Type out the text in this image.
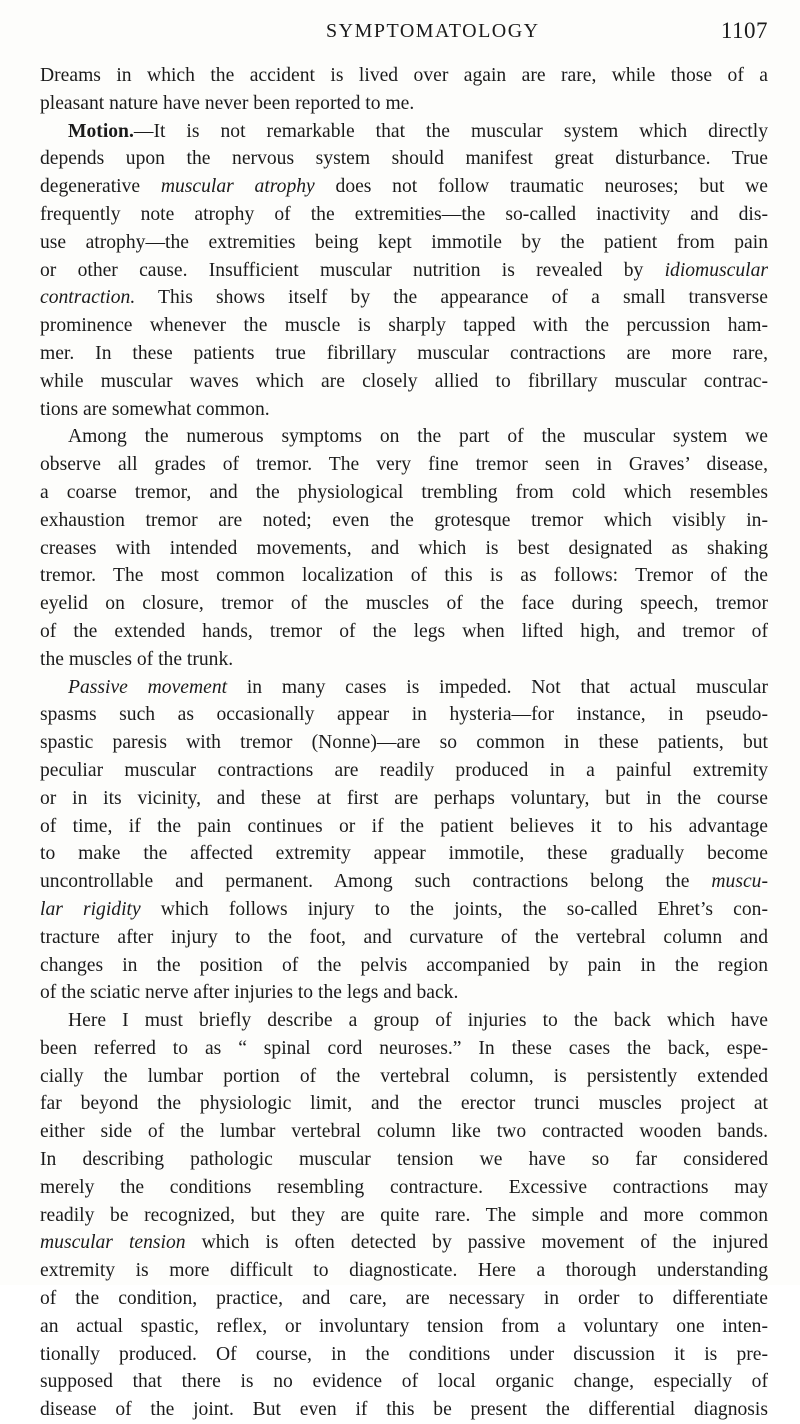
SYMPTOMATOLOGY	1107
Dreams in which the accident is lived over again are rare, while those of a
pleasant nature have never been reported to me.
Motion.—It is not remarkable that the muscular system which directly
depends upon the nervous system should manifest great disturbance. True
degenerative muscular atrophy does not follow traumatic neuroses; but we
frequently note atrophy of the extremities—the so-called inactivity and dis-
use atrophy—the extremities being kept immotile by the patient from pain
or other cause. Insufficient muscular nutrition is revealed by idiomuscular
contraction. This shows itself by the appearance of a small transverse
prominence whenever the muscle is sharply tapped with the percussion ham-
mer. In these patients true fibrillary muscular contractions are more rare,
while muscular waves which are closely allied to fibrillary muscular contrac-
tions are somewhat common.
Among the numerous symptoms on the part of the muscular system we
observe all grades of tremor. The very fine tremor seen in Graves’ disease,
a coarse tremor, and the physiological trembling from cold which resembles
exhaustion tremor are noted; even the grotesque tremor which visibly in-
creases with intended movements, and which is best designated as shaking
tremor. The most common localization of this is as follows: Tremor of the
eyelid on closure, tremor of the muscles of the face during speech, tremor
of the extended hands, tremor of the legs when lifted high, and tremor of
the muscles of the trunk.
Passive movement in many cases is impeded. Not that actual muscular
spasms such as occasionally appear in hysteria—for instance, in pseudo-
spastic paresis with tremor (Nonne)—are so common in these patients, but
peculiar muscular contractions are readily produced in a painful extremity
or in its vicinity, and these at first are perhaps voluntary, but in the course
of time, if the pain continues or if the patient believes it to his advantage
to make the affected extremity appear immotile, these gradually become
uncontrollable and permanent. Among such contractions belong the muscu-
lar rigidity which follows injury to the joints, the so-called Ehret’s con-
tracture after injury to the foot, and curvature of the vertebral column and
changes in the position of the pelvis accompanied by pain in the region
of the sciatic nerve after injuries to the legs and back.
Here I must briefly describe a group of injuries to the back which have
been referred to as “ spinal cord neuroses.” In these cases the back, espe-
cially the lumbar portion of the vertebral column, is persistently extended
far beyond the physiologic limit, and the erector trunci muscles project at
either side of the lumbar vertebral column like two contracted wooden bands.
In describing pathologic muscular tension we have so far considered
merely the conditions resembling contracture. Excessive contractions may
readily be recognized, but they are quite rare. The simple and more common
muscular tension which is often detected by passive movement of the injured
extremity is more difficult to diagnosticate. Here a thorough understanding
of the condition, practice, and care, are necessary in order to differentiate
an actual spastic, reflex, or involuntary tension from a voluntary one inten-
tionally produced. Of course, in the conditions under discussion it is pre-
supposed that there is no evidence of local organic change, especially of
disease of the joint. But even if this be present the differential diagnosis
